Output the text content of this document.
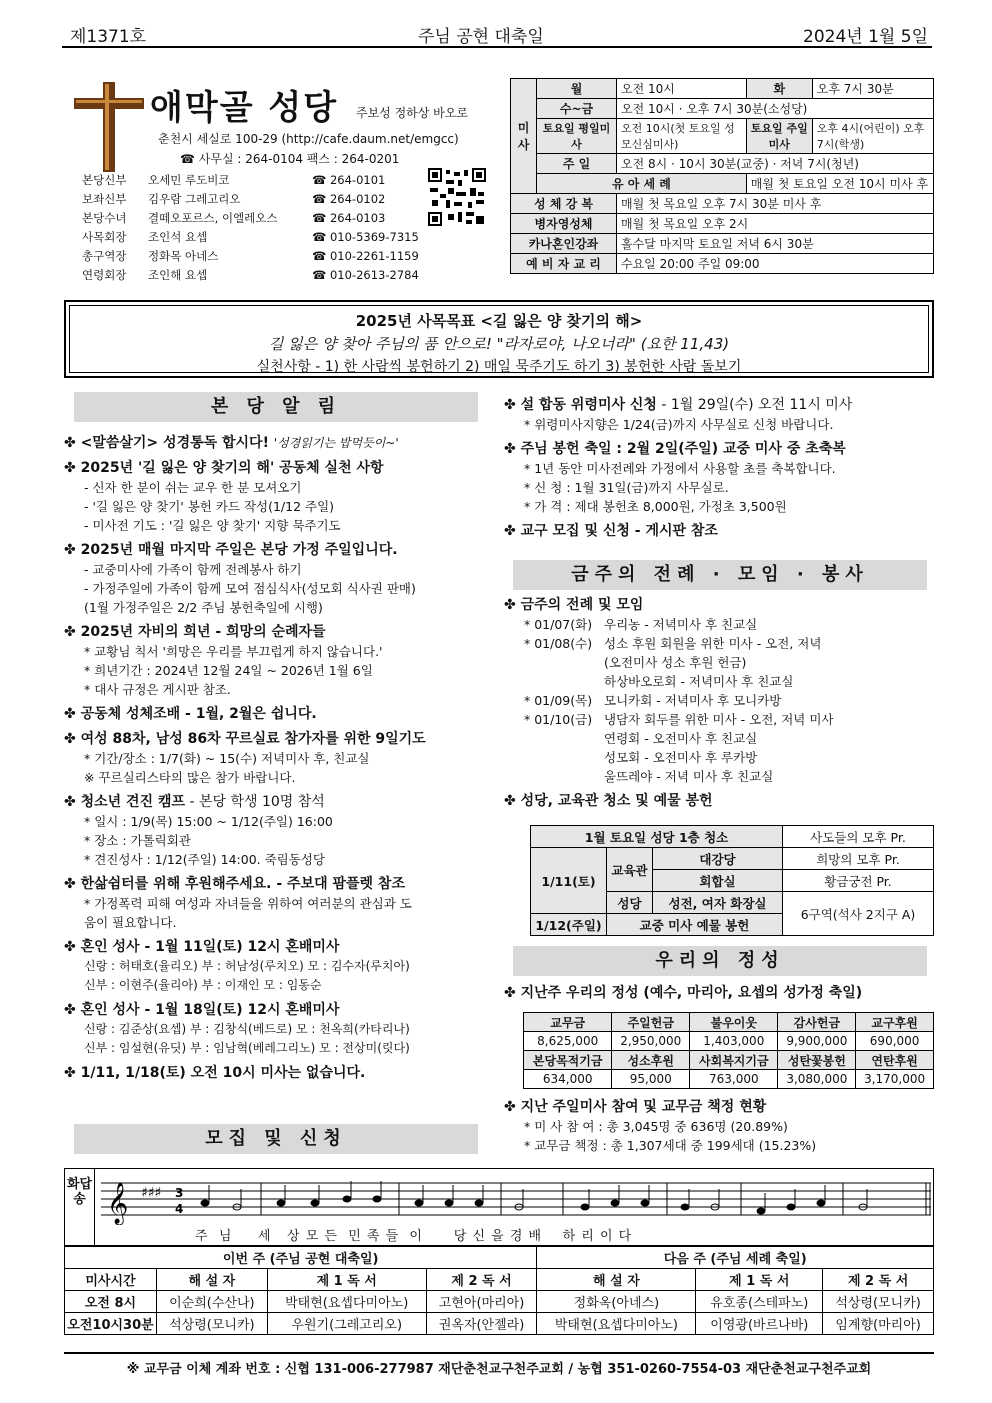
제1371호	주님 공현 대축일	2024년 1월 5일
애막골 성당 주보성 정하상 바오로
춘천시 세실로 100-29 (http://cafe.daum.net/emgcc)
☎ 사무실 : 264-0104 팩스 : 264-0201
본당신부 오세민 루도비코	☎ 264-0101
보좌신부 김우람 그레고리오	☎ 264-0102
본당수녀 결떼오포르스, 이엘레오스	☎ 264-0103
사목회장 조인석 요셉	☎ 010-5369-7315
총구역장 정화목 아네스	☎ 010-2261-1159
연령회장 조인해 요셉	☎ 010-2613-2784
미 사	월	오전 10시	화	오후 7시 30분
	수~금	오전 10시 · 오후 7시 30분(소성당)		
	토요일 평일미사	오전 10시(첫 토요일 성모신심미사)	토요일 주일미사	오후 4시(어린이) 오후 7시(학생)
	주 일	오전 8시 · 10시 30분(교중) · 저녁 7시(청년)		
	유 아 세 례		매월 첫 토요일 오전 10시 미사 후	
성 체 강 복		매월 첫 목요일 오후 7시 30분 미사 후		
병자영성체		매월 첫 목요일 오후 2시		
카나혼인강좌		홀수달 마지막 토요일 저녁 6시 30분		
예 비 자 교 리		수요일 20:00 주일 09:00		
2025년 사목목표 <길 잃은 양 찾기의 해>
길 잃은 양 찾아 주님의 품 안으로! "라자로야, 나오너라" (요한 11,43)
실천사항 - 1) 한 사람씩 봉헌하기 2) 매일 묵주기도 하기 3) 봉헌한 사람 돌보기
본 당 알 림
모집 및 신청
금주의 전례 · 모임 · 봉사
우리의 정성
✤ <말씀살기> 성경통독 합시다! '성경읽기는 밥먹듯이~'
✤ 2025년 '길 잃은 양 찾기의 해' 공동체 실천 사항
- 신자 한 분이 쉬는 교우 한 분 모셔오기
- '길 잃은 양 찾기' 봉헌 카드 작성(1/12 주일)
- 미사전 기도 : '길 잃은 양 찾기' 지향 묵주기도
✤ 2025년 매월 마지막 주일은 본당 가정 주일입니다.
- 교중미사에 가족이 함께 전례봉사 하기
- 가정주일에 가족이 함께 모여 점심식사(성모회 식사권 판매)
(1월 가정주일은 2/2 주님 봉헌축일에 시행)
✤ 2025년 자비의 희년 - 희망의 순례자들
* 교황님 칙서 '희망은 우리를 부끄럽게 하지 않습니다.'
* 희년기간 : 2024년 12월 24일 ~ 2026년 1월 6일
* 대사 규정은 게시판 참조.
✤ 공동체 성체조배 - 1월, 2월은 쉽니다.
✤ 여성 88차, 남성 86차 꾸르실료 참가자를 위한 9일기도
* 기간/장소 : 1/7(화) ~ 15(수) 저녁미사 후, 친교실
※ 꾸르실리스타의 많은 참가 바랍니다.
✤ 청소년 견진 캠프 - 본당 학생 10명 참석
* 일시 : 1/9(목) 15:00 ~ 1/12(주일) 16:00
* 장소 : 가톨릭회관
* 견진성사 : 1/12(주일) 14:00. 죽림동성당
✤ 한삶쉼터를 위해 후원해주세요. - 주보대 팜플렛 참조
* 가정폭력 피해 여성과 자녀들을 위하여 여러분의 관심과 도
움이 필요합니다.
✤ 혼인 성사 - 1월 11일(토) 12시 혼배미사
신랑 : 허태호(율리오) 부 : 허남성(루치오) 모 : 김수자(루치아)
신부 : 이현주(율리아) 부 : 이재인 모 : 임동순
✤ 혼인 성사 - 1월 18일(토) 12시 혼배미사
신랑 : 김준상(요셉) 부 : 김창식(베드로) 모 : 천옥희(카타리나)
신부 : 임설현(유딧) 부 : 임남혁(베레그리노) 모 : 전상미(릿다)
✤ 1/11, 1/18(토) 오전 10시 미사는 없습니다.
✤ 설 합동 위령미사 신청 - 1월 29일(수) 오전 11시 미사
* 위령미사지향은 1/24(금)까지 사무실로 신청 바랍니다.
✤ 주님 봉헌 축일 : 2월 2일(주일) 교중 미사 중 초축복
* 1년 동안 미사전례와 가정에서 사용할 초를 축복합니다.
* 신 청 : 1월 31일(금)까지 사무실로.
* 가 격 : 제대 봉헌초 8,000원, 가정초 3,500원
✤ 교구 모집 및 신청 - 게시판 참조
✤ 금주의 전례 및 모임
* 01/07(화) 우리농 - 저녁미사 후 친교실
* 01/08(수) 성소 후원 회원을 위한 미사 - 오전, 저녁
(오전미사 성소 후원 헌금)
하상바오로회 - 저녁미사 후 친교실
* 01/09(목) 모니카회 - 저녁미사 후 모니카방
* 01/10(금) 냉담자 회두를 위한 미사 - 오전, 저녁 미사
연령회 - 오전미사 후 친교실
성모회 - 오전미사 후 루카방
울뜨레야 - 저녁 미사 후 친교실
✤ 성당, 교육관 청소 및 예물 봉헌
1월 토요일 성당 1층 청소			사도들의 모후 Pr.
1/11(토)	교육관	대강당	희망의 모후 Pr.
		회합실	황금궁전 Pr.
	성당	성전, 여자 화장실	6구역(석사 2지구 A)
1/12(주일)	교중 미사 예물 봉헌		
✤ 지난주 우리의 정성 (예수, 마리아, 요셉의 성가정 축일)
교무금	주일헌금	불우이웃	감사헌금	교구후원
8,625,000	2,950,000	1,403,000	9,900,000	690,000
본당목적기금	성소후원	사회복지기금	성탄꽃봉헌	연탄후원
634,000	95,000	763,000	3,080,000	3,170,000
✤ 지난 주일미사 참여 및 교무금 책정 현황
* 미 사 참 여 : 총 3,045명 중 636명 (20.89%)
* 교무금 책정 : 총 1,307세대 중 199세대 (15.23%)
화답송 𝄞 ♯♯♯ 3
4
주  님     세   상 모 든  민 족 들  이      당 신 을 경 배    하 리 이 다
이번 주 (주님 공현 대축일)				다음 주 (주님 세례 축일)		
미사시간	해 설 자	제 1 독 서	제 2 독 서	해 설 자	제 1 독 서	제 2 독 서
오전 8시	이순희(수산나)	박태현(요셉다미아노)	고현아(마리아)	정화옥(아네스)	유호종(스테파노)	석상령(모니카)
오전10시30분	석상령(모니카)	우원기(그레고리오)	권옥자(안젤라)	박태현(요셉다미아노)	이영광(바르나바)	임계향(마리아)
※ 교무금 이체 계좌 번호 : 신협 131-006-277987 재단춘천교구천주교회 / 농협 351-0260-7554-03 재단춘천교구천주교회
